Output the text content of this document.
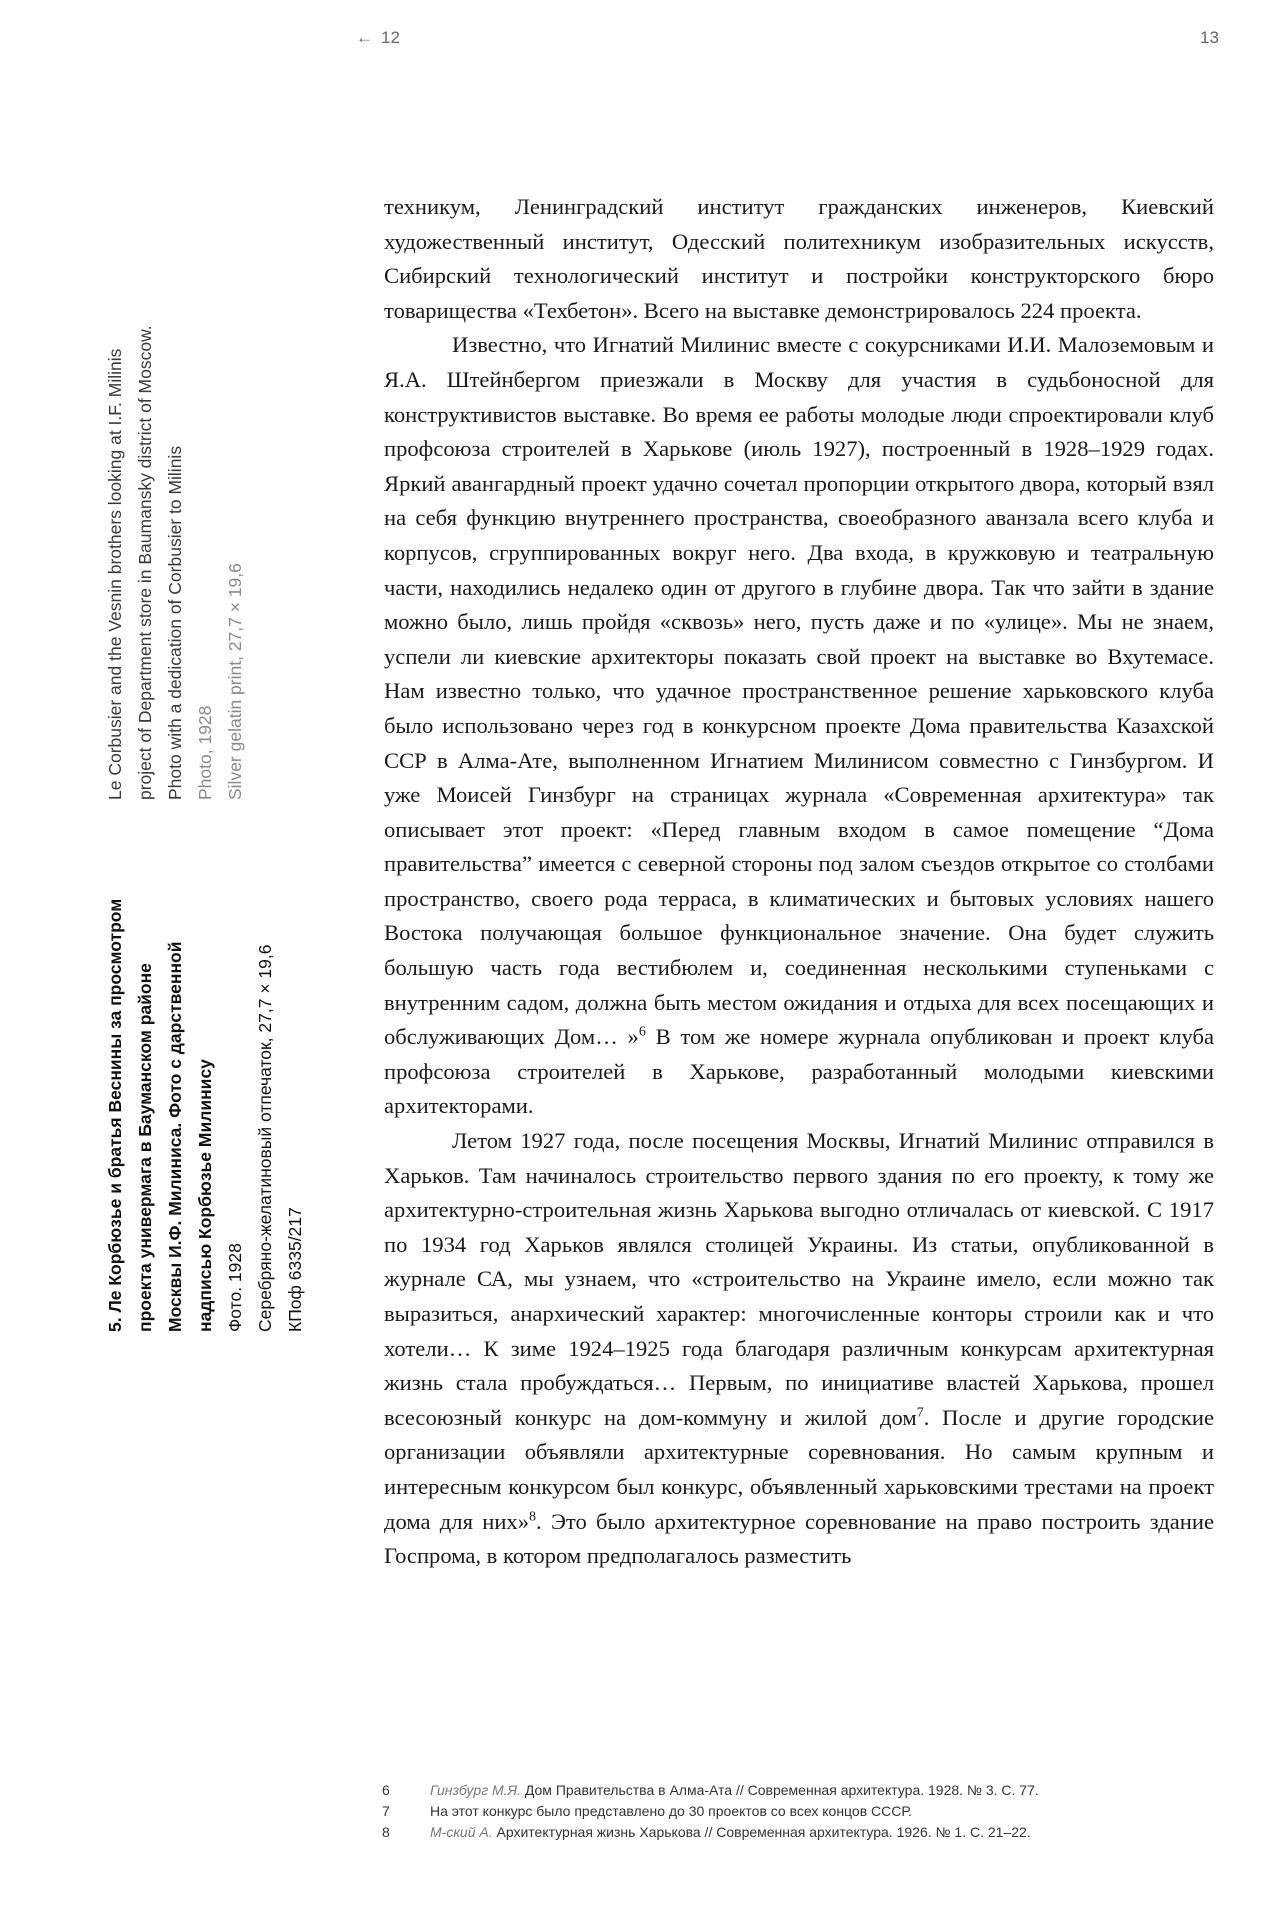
← 12	13

5. Ле Корбюзье и братья Веснины за просмотром проекта универмага в Бауманском районе Москвы И.Ф. Милиниса. Фото с дарственной надписью Корбюзье Милинису Фото. 1928 Серебряно-желатиновый отпечаток, 27,7 × 19,6 КПоф 6335/217

Le Corbusier and the Vesnin brothers looking at I.F. Milinis project of Department store in Baumansky district of Moscow. Photo with a dedication of Corbusier to Milinis Photo, 1928 Silver gelatin print, 27,7 × 19,6

техникум, Ленинградский институт гражданских инженеров, Киевский художественный институт, Одесский политехникум изобразительных искусств, Сибирский технологический институт и постройки конструкторского бюро товарищества «Техбетон». Всего на выставке демонстрировалось 224 проекта.

Известно, что Игнатий Милинис вместе с сокурсниками И.И. Малоземовым и Я.А. Штейнбергом приезжали в Москву для участия в судьбоносной для конструктивистов выставке. Во время ее работы молодые люди спроектировали клуб профсоюза строителей в Харькове (июль 1927), построенный в 1928–1929 годах. Яркий авангардный проект удачно сочетал пропорции открытого двора, который взял на себя функцию внутреннего пространства, своеобразного аванзала всего клуба и корпусов, сгруппированных вокруг него. Два входа, в кружковую и театральную части, находились недалеко один от другого в глубине двора. Так что зайти в здание можно было, лишь пройдя «сквозь» него, пусть даже и по «улице». Мы не знаем, успели ли киевские архитекторы показать свой проект на выставке во Вхутемасе. Нам известно только, что удачное пространственное решение харьковского клуба было использовано через год в конкурсном проекте Дома правительства Казахской ССР в Алма-Ате, выполненном Игнатием Милинисом совместно с Гинзбургом. И уже Моисей Гинзбург на страницах журнала «Современная архитектура» так описывает этот проект: «Перед главным входом в самое помещение “Дома правительства” имеется с северной стороны под залом съездов открытое со столбами пространство, своего рода терраса, в климатических и бытовых условиях нашего Востока получающая большое функциональное значение. Она будет служить большую часть года вестибюлем и, соединенная несколькими ступеньками с внутренним садом, должна быть местом ожидания и отдыха для всех посещающих и обслуживающих Дом… »$^6$ В том же номере журнала опубликован и проект клуба профсоюза строителей в Харькове, разработанный молодыми киевскими архитекторами.

Летом 1927 года, после посещения Москвы, Игнатий Милинис отправился в Харьков. Там начиналось строительство первого здания по его проекту, к тому же архитектурно-строительная жизнь Харькова выгодно отличалась от киевской. С 1917 по 1934 год Харьков являлся столицей Украины. Из статьи, опубликованной в журнале СА, мы узнаем, что «строительство на Украине имело, если можно так выразиться, анархический характер: многочисленные конторы строили как и что хотели… К зиме 1924–1925 года благодаря различным конкурсам архитектурная жизнь стала пробуждаться… Первым, по инициативе властей Харькова, прошел всесоюзный конкурс на дом-коммуну и жилой дом$^7$. После и другие городские организации объявляли архитектурные соревнования. Но самым крупным и интересным конкурсом был конкурс, объявленный харьковскими трестами на проект дома для них»$^8$. Это было архитектурное соревнование на право построить здание Госпрома, в котором предполагалось разместить

6	Гинзбург М.Я. Дом Правительства в Алма-Ата // Современная архитектура. 1928. № 3. С. 77.
7	На этот конкурс было представлено до 30 проектов со всех концов СССР.
8	М-ский А. Архитектурная жизнь Харькова // Современная архитектура. 1926. № 1. С. 21–22.
